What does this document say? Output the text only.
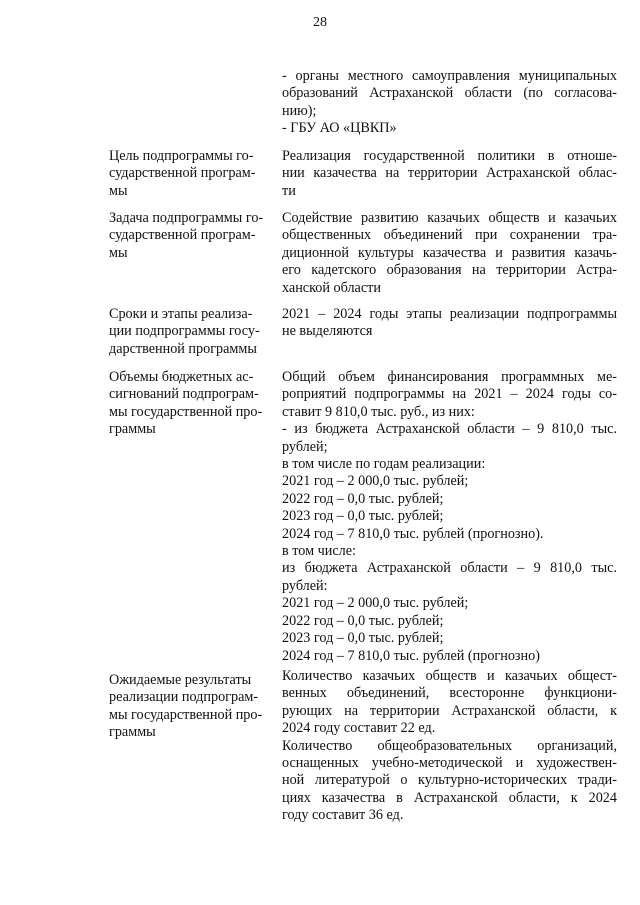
28
- органы местного самоуправления муниципальных
образований Астраханской области (по согласова-
нию);
- ГБУ АО «ЦВКП»
Цель подпрограммы го-
сударственной програм-
мы
Реализация государственной политики в отноше-
нии казачества на территории Астраханской облас-
ти
Задача подпрограммы го-
сударственной програм-
мы
Содействие развитию казачьих обществ и казачьих
общественных объединений при сохранении тра-
диционной культуры казачества и развития казачь-
его кадетского образования на территории Астра-
ханской области
Сроки и этапы реализа-
ции подпрограммы госу-
дарственной программы
2021 – 2024 годы этапы реализации подпрограммы
не выделяются
Объемы бюджетных ас-
сигнований подпрограм-
мы государственной про-
граммы
Общий объем финансирования программных ме-
роприятий подпрограммы на 2021 – 2024 годы со-
ставит 9 810,0 тыс. руб., из них:
- из бюджета Астраханской области – 9 810,0 тыс.
рублей;
в том числе по годам реализации:
2021 год – 2 000,0 тыс. рублей;
2022 год – 0,0 тыс. рублей;
2023 год – 0,0 тыс. рублей;
2024 год – 7 810,0 тыс. рублей (прогнозно).
в том числе:
из бюджета Астраханской области – 9 810,0 тыс.
рублей:
2021 год – 2 000,0 тыс. рублей;
2022 год – 0,0 тыс. рублей;
2023 год – 0,0 тыс. рублей;
2024 год – 7 810,0 тыс. рублей (прогнозно)
Ожидаемые результаты
реализации подпрограм-
мы государственной про-
граммы
Количество казачьих обществ и казачьих общест-
венных объединений, всесторонне функциони-
рующих на территории Астраханской области, к
2024 году составит 22 ед.
Количество общеобразовательных организаций,
оснащенных учебно-методической и художествен-
ной литературой о культурно-исторических тради-
циях казачества в Астраханской области, к 2024
году составит 36 ед.
